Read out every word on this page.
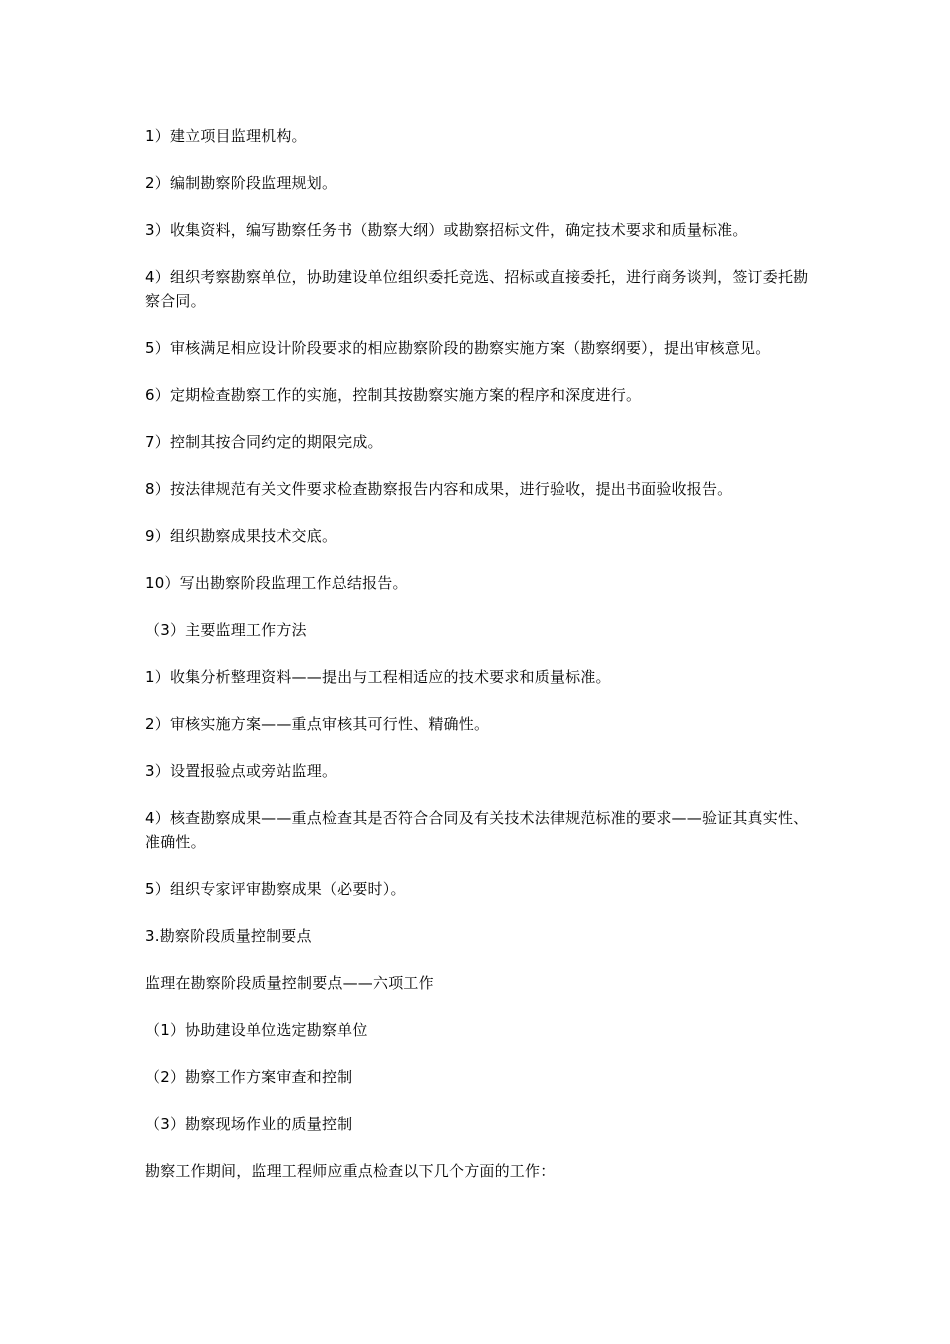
1）建立项目监理机构。

2）编制勘察阶段监理规划。

3）收集资料，编写勘察任务书（勘察大纲）或勘察招标文件，确定技术要求和质量标准。

4）组织考察勘察单位，协助建设单位组织委托竞选、招标或直接委托，进行商务谈判，签订委托勘察合同。

5）审核满足相应设计阶段要求的相应勘察阶段的勘察实施方案（勘察纲要），提出审核意见。

6）定期检查勘察工作的实施，控制其按勘察实施方案的程序和深度进行。

7）控制其按合同约定的期限完成。

8）按法律规范有关文件要求检查勘察报告内容和成果，进行验收，提出书面验收报告。

9）组织勘察成果技术交底。

10）写出勘察阶段监理工作总结报告。

（3）主要监理工作方法

1）收集分析整理资料——提出与工程相适应的技术要求和质量标准。

2）审核实施方案——重点审核其可行性、精确性。

3）设置报验点或旁站监理。

4）核查勘察成果——重点检查其是否符合合同及有关技术法律规范标准的要求——验证其真实性、准确性。

5）组织专家评审勘察成果（必要时）。

3.勘察阶段质量控制要点

监理在勘察阶段质量控制要点——六项工作

（1）协助建设单位选定勘察单位

（2）勘察工作方案审查和控制

（3）勘察现场作业的质量控制

勘察工作期间，监理工程师应重点检查以下几个方面的工作：
